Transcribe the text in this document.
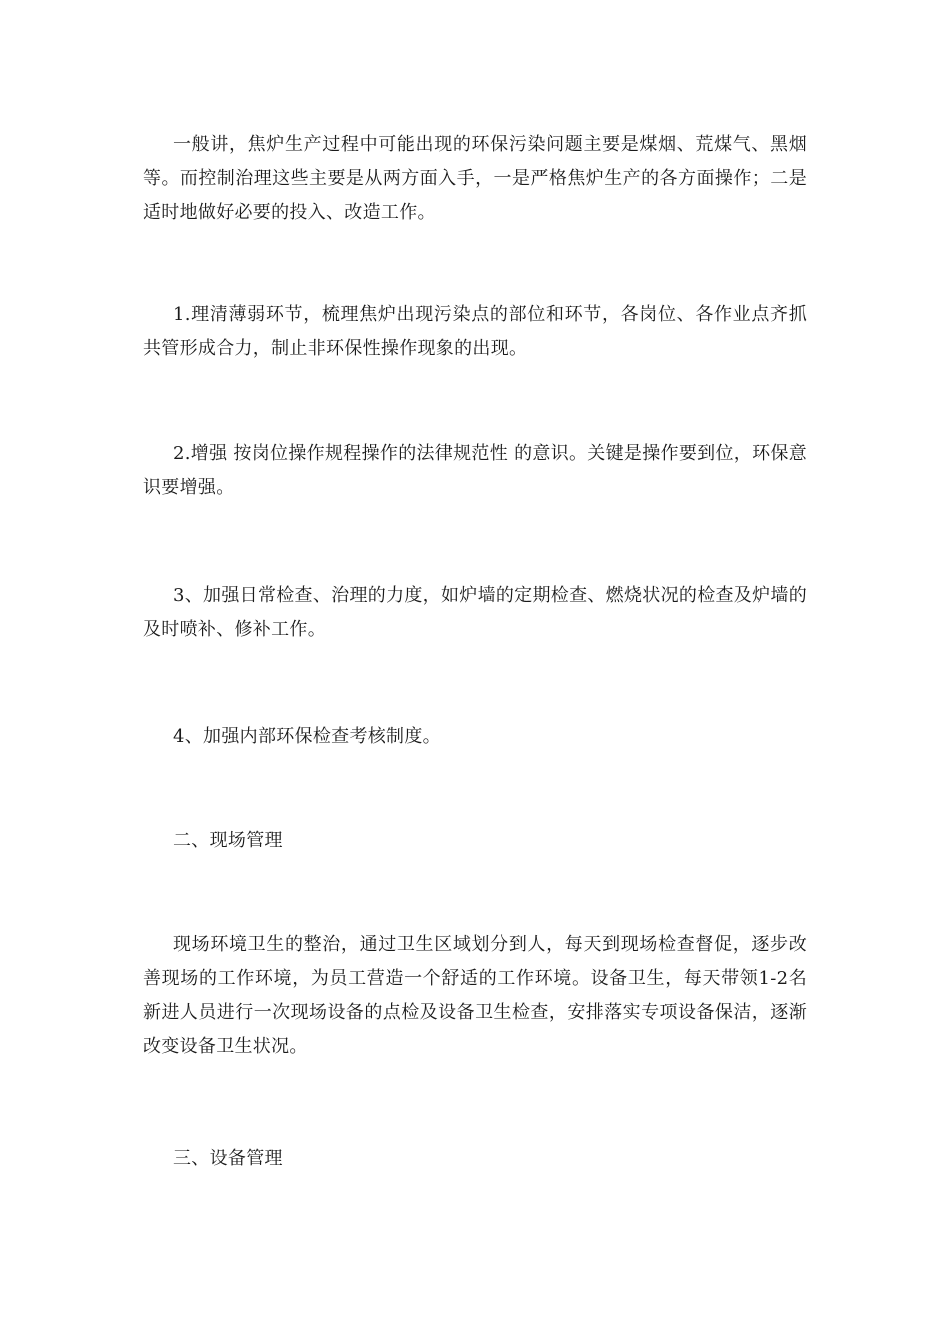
一般讲，焦炉生产过程中可能出现的环保污染问题主要是煤烟、荒煤气、黑烟等。而控制治理这些主要是从两方面入手，一是严格焦炉生产的各方面操作；二是适时地做好必要的投入、改造工作。

1.理清薄弱环节，梳理焦炉出现污染点的部位和环节，各岗位、各作业点齐抓共管形成合力，制止非环保性操作现象的出现。

2.增强 按岗位操作规程操作的法律规范性 的意识。关键是操作要到位，环保意识要增强。

3、加强日常检查、治理的力度，如炉墙的定期检查、燃烧状况的检查及炉墙的及时喷补、修补工作。

4、加强内部环保检查考核制度。

二、现场管理

现场环境卫生的整治，通过卫生区域划分到人，每天到现场检查督促，逐步改善现场的工作环境，为员工营造一个舒适的工作环境。设备卫生，每天带领1-2名新进人员进行一次现场设备的点检及设备卫生检查，安排落实专项设备保洁，逐渐改变设备卫生状况。

三、设备管理
